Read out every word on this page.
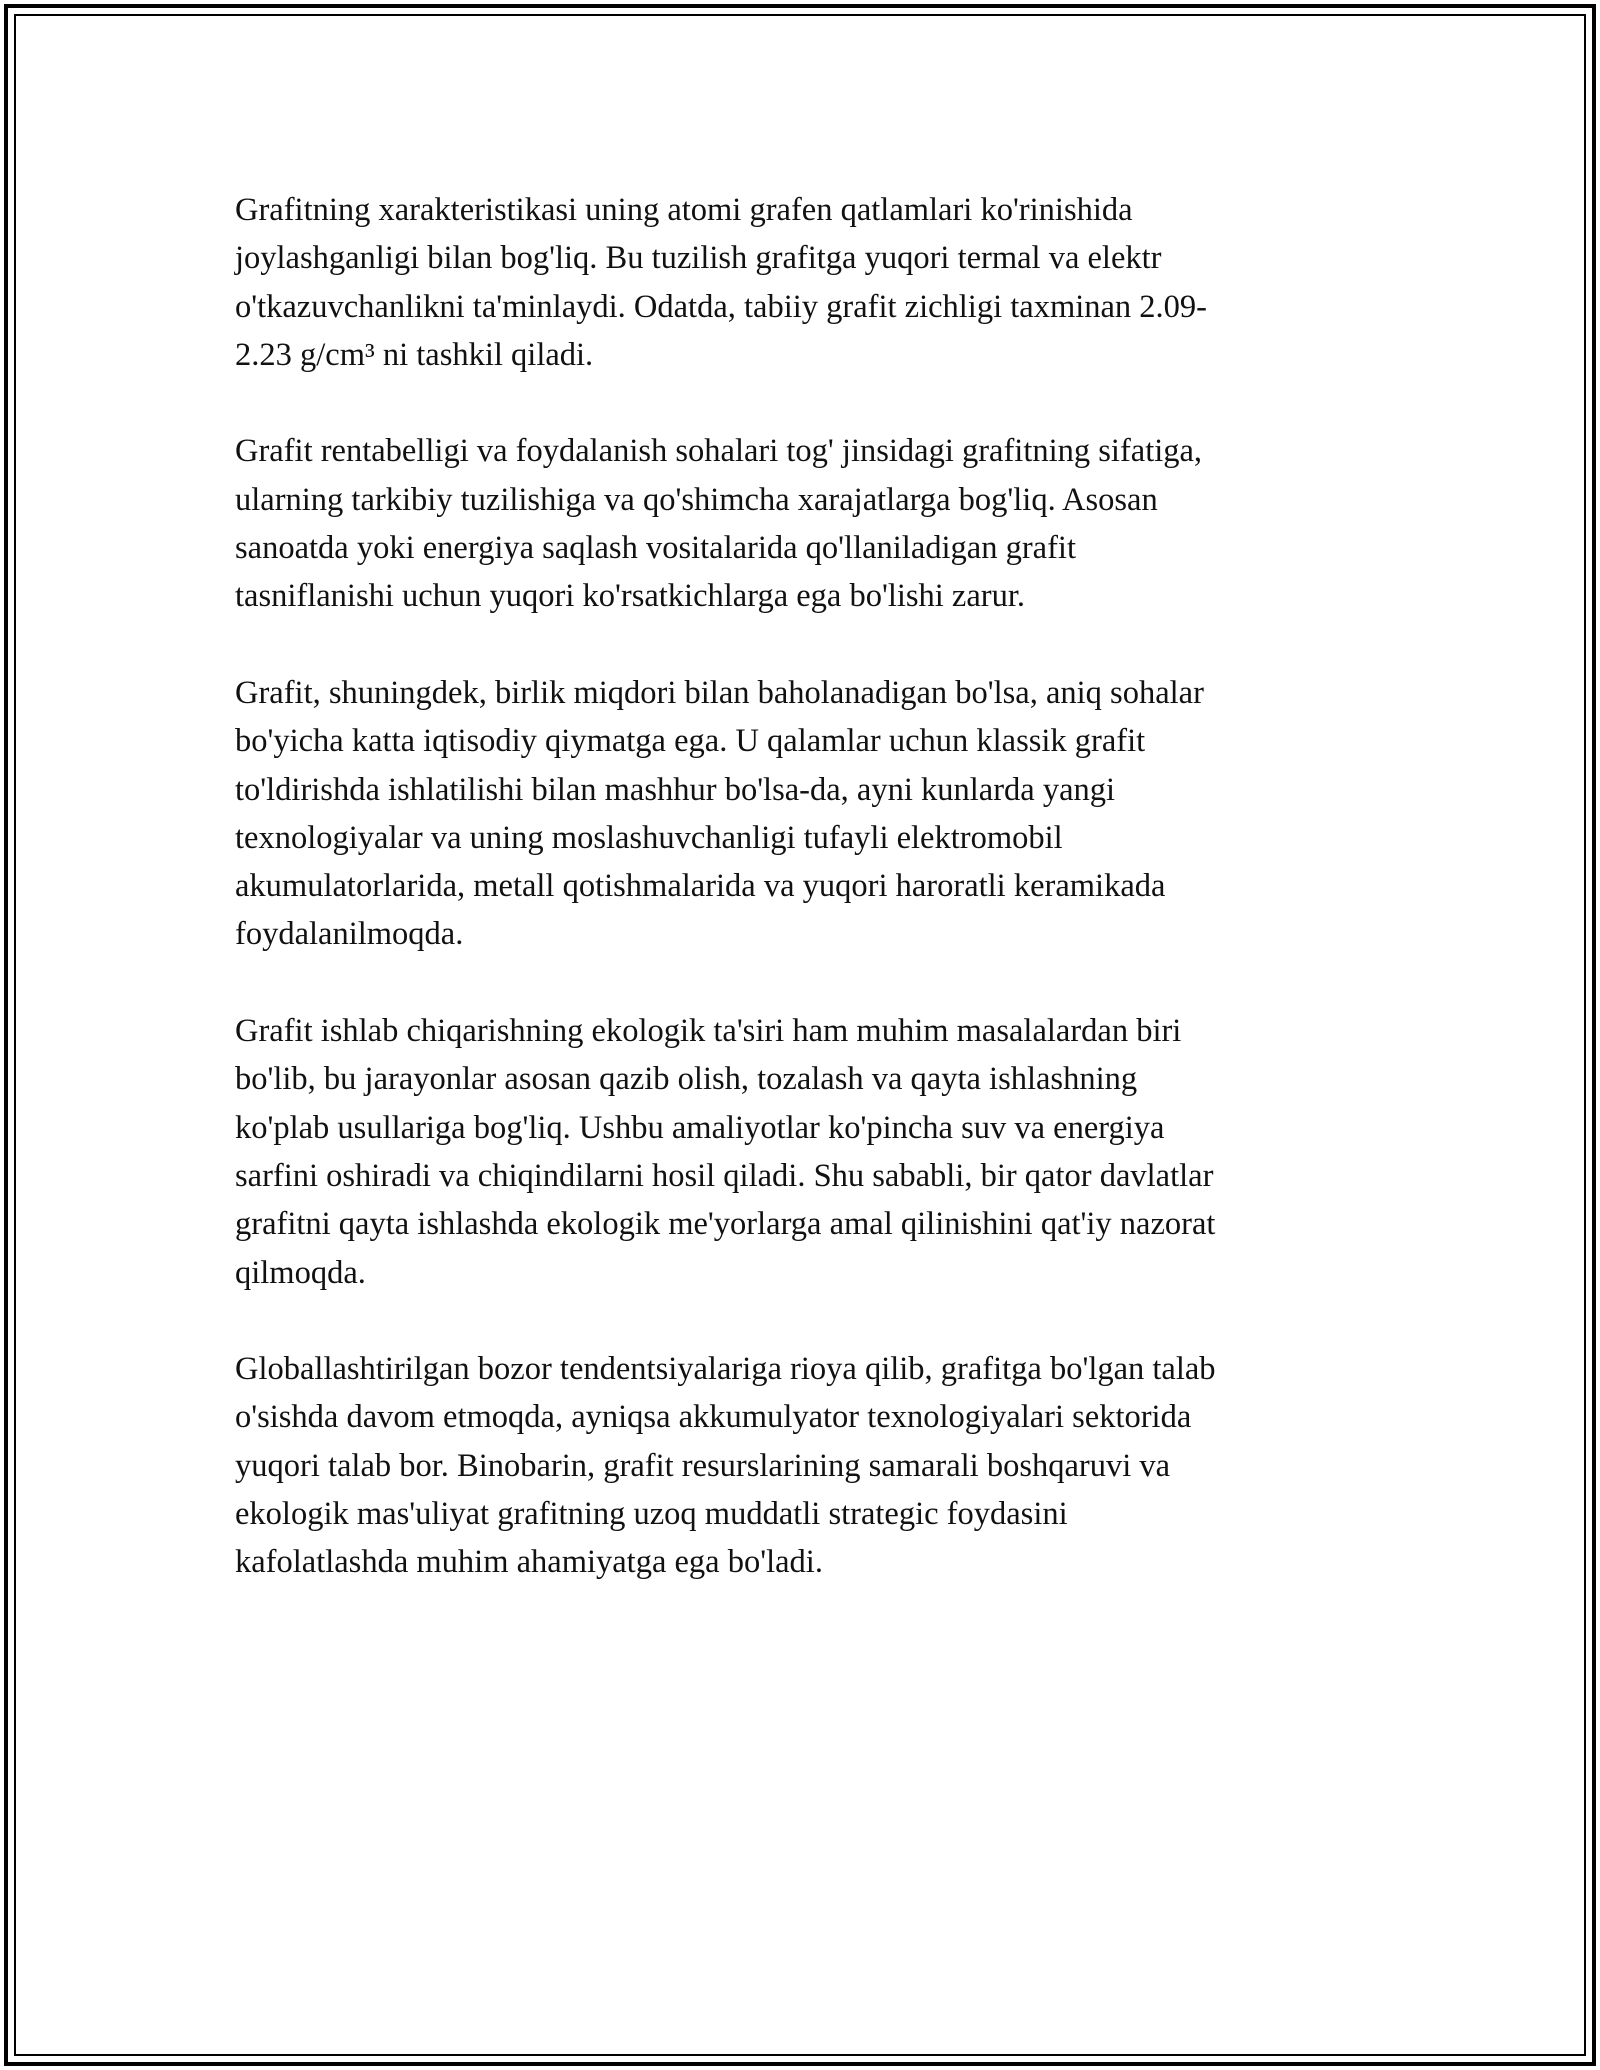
Grafitning xarakteristikasi uning atomi grafen qatlamlari ko'rinishida
joylashganligi bilan bog'liq. Bu tuzilish grafitga yuqori termal va elektr
o'tkazuvchanlikni ta'minlaydi. Odatda, tabiiy grafit zichligi taxminan 2.09-
2.23 g/cm³ ni tashkil qiladi.

Grafit rentabelligi va foydalanish sohalari tog' jinsidagi grafitning sifatiga,
ularning tarkibiy tuzilishiga va qo'shimcha xarajatlarga bog'liq. Asosan
sanoatda yoki energiya saqlash vositalarida qo'llaniladigan grafit
tasniflanishi uchun yuqori ko'rsatkichlarga ega bo'lishi zarur.

Grafit, shuningdek, birlik miqdori bilan baholanadigan bo'lsa, aniq sohalar
bo'yicha katta iqtisodiy qiymatga ega. U qalamlar uchun klassik grafit
to'ldirishda ishlatilishi bilan mashhur bo'lsa-da, ayni kunlarda yangi
texnologiyalar va uning moslashuvchanligi tufayli elektromobil
akumulatorlarida, metall qotishmalarida va yuqori haroratli keramikada
foydalanilmoqda.

Grafit ishlab chiqarishning ekologik ta'siri ham muhim masalalardan biri
bo'lib, bu jarayonlar asosan qazib olish, tozalash va qayta ishlashning
ko'plab usullariga bog'liq. Ushbu amaliyotlar ko'pincha suv va energiya
sarfini oshiradi va chiqindilarni hosil qiladi. Shu sababli, bir qator davlatlar
grafitni qayta ishlashda ekologik me'yorlarga amal qilinishini qat'iy nazorat
qilmoqda.

Globallashtirilgan bozor tendentsiyalariga rioya qilib, grafitga bo'lgan talab
o'sishda davom etmoqda, ayniqsa akkumulyator texnologiyalari sektorida
yuqori talab bor. Binobarin, grafit resurslarining samarali boshqaruvi va
ekologik mas'uliyat grafitning uzoq muddatli strategic foydasini
kafolatlashda muhim ahamiyatga ega bo'ladi.
